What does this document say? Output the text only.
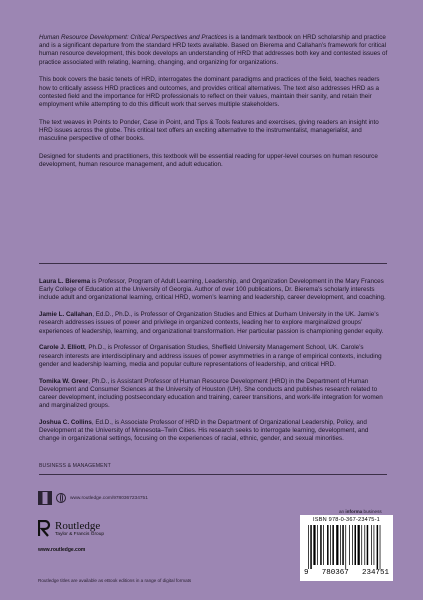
Human Resource Development: Critical Perspectives and Practices is a landmark textbook on HRD scholarship and practice and is a significant departure from the standard HRD texts available. Based on Bierema and Callahan’s framework for critical human resource development, this book develops an understanding of HRD that addresses both key and contested issues of practice associated with relating, learning, changing, and organizing for organizations.

This book covers the basic tenets of HRD, interrogates the dominant paradigms and practices of the field, teaches readers how to critically assess HRD practices and outcomes, and provides critical alternatives. The text also addresses HRD as a contested field and the importance for HRD professionals to reflect on their values, maintain their sanity, and retain their employment while attempting to do this difficult work that serves multiple stakeholders.

The text weaves in Points to Ponder, Case in Point, and Tips & Tools features and exercises, giving readers an insight into HRD issues across the globe. This critical text offers an exciting alternative to the instrumentalist, managerialist, and masculine perspective of other books.

Designed for students and practitioners, this textbook will be essential reading for upper-level courses on human resource development, human resource management, and adult education.

Laura L. Bierema is Professor, Program of Adult Learning, Leadership, and Organization Development in the Mary Frances Early College of Education at the University of Georgia. Author of over 100 publications, Dr. Bierema’s scholarly interests include adult and organizational learning, critical HRD, women’s learning and leadership, career development, and coaching.

Jamie L. Callahan, Ed.D., Ph.D., is Professor of Organization Studies and Ethics at Durham University in the UK. Jamie’s research addresses issues of power and privilege in organized contexts, leading her to explore marginalized groups’ experiences of leadership, learning, and organizational transformation. Her particular passion is championing gender equity.

Carole J. Elliott, Ph.D., is Professor of Organisation Studies, Sheffield University Management School, UK. Carole’s research interests are interdisciplinary and address issues of power asymmetries in a range of empirical contexts, including gender and leadership learning, media and popular culture representations of leadership, and critical HRD.

Tomika W. Greer, Ph.D., is Assistant Professor of Human Resource Development (HRD) in the Department of Human Development and Consumer Sciences at the University of Houston (UH). She conducts and publishes research related to career development, including postsecondary education and training, career transitions, and work-life integration for women and marginalized groups.

Joshua C. Collins, Ed.D., is Associate Professor of HRD in the Department of Organizational Leadership, Policy, and Development at the University of Minnesota–Twin Cities. His research seeks to interrogate learning, development, and change in organizational settings, focusing on the experiences of racial, ethnic, gender, and sexual minorities.

BUSINESS & MANAGEMENT
www.routledge.com/9780367234751
Routledge
Taylor & Francis Group
www.routledge.com
Routledge titles are available as eBook editions in a range of digital formats
an informa business
ISBN 978-0-367-23475-1
9 780367 234751
